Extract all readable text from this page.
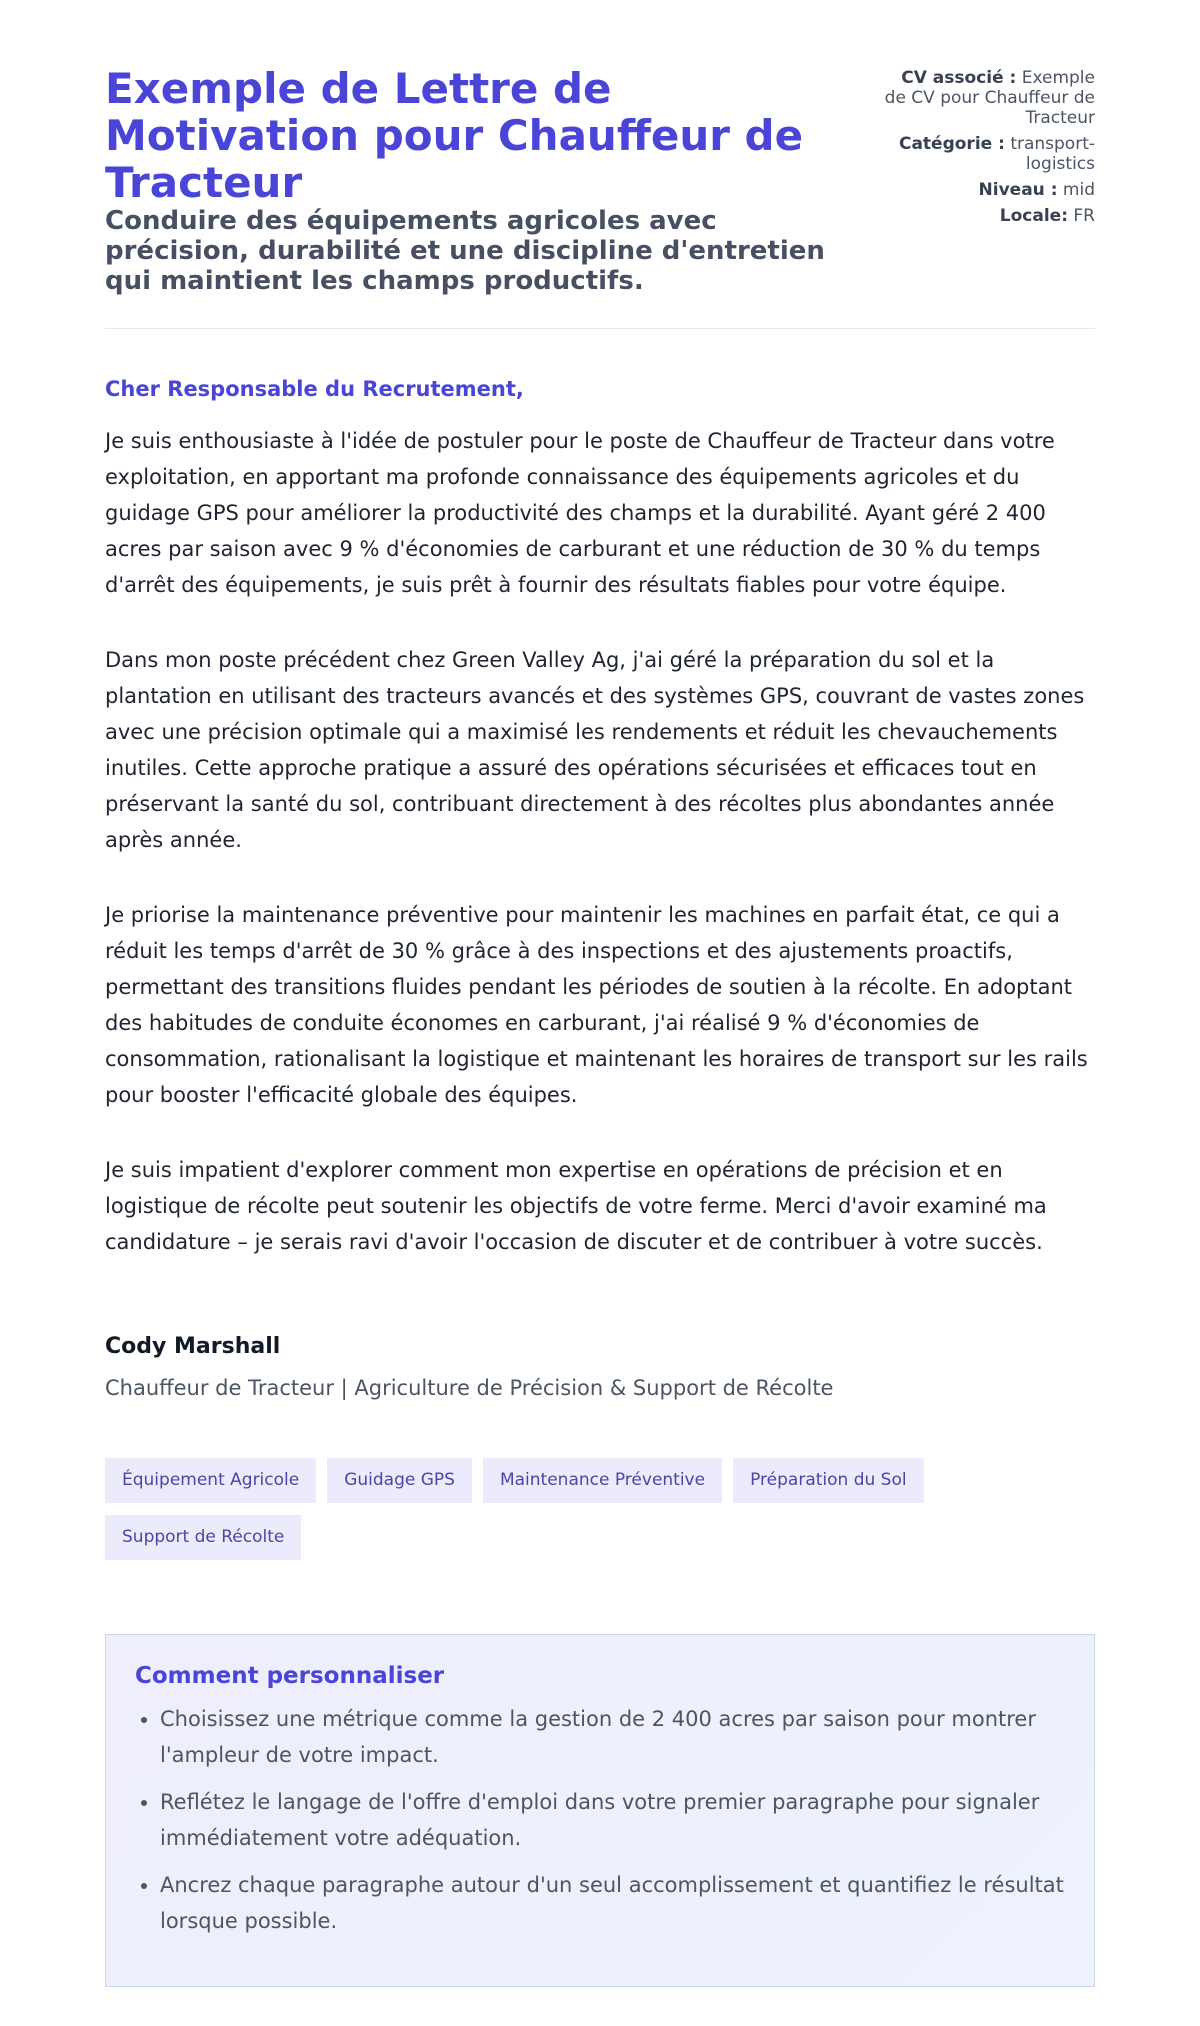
Exemple de Lettre de Motivation pour Chauffeur de Tracteur
Conduire des équipements agricoles avec précision, durabilité et une discipline d'entretien qui maintient les champs productifs.
CV associé : Exemple de CV pour Chauffeur de Tracteur
Catégorie : transport-logistics
Niveau : mid
Locale: FR

Cher Responsable du Recrutement,

Je suis enthousiaste à l'idée de postuler pour le poste de Chauffeur de Tracteur dans votre exploitation, en apportant ma profonde connaissance des équipements agricoles et du guidage GPS pour améliorer la productivité des champs et la durabilité. Ayant géré 2 400 acres par saison avec 9 % d'économies de carburant et une réduction de 30 % du temps d'arrêt des équipements, je suis prêt à fournir des résultats fiables pour votre équipe.

Dans mon poste précédent chez Green Valley Ag, j'ai géré la préparation du sol et la plantation en utilisant des tracteurs avancés et des systèmes GPS, couvrant de vastes zones avec une précision optimale qui a maximisé les rendements et réduit les chevauchements inutiles. Cette approche pratique a assuré des opérations sécurisées et efficaces tout en préservant la santé du sol, contribuant directement à des récoltes plus abondantes année après année.

Je priorise la maintenance préventive pour maintenir les machines en parfait état, ce qui a réduit les temps d'arrêt de 30 % grâce à des inspections et des ajustements proactifs, permettant des transitions fluides pendant les périodes de soutien à la récolte. En adoptant des habitudes de conduite économes en carburant, j'ai réalisé 9 % d'économies de consommation, rationalisant la logistique et maintenant les horaires de transport sur les rails pour booster l'efficacité globale des équipes.

Je suis impatient d'explorer comment mon expertise en opérations de précision et en logistique de récolte peut soutenir les objectifs de votre ferme. Merci d'avoir examiné ma candidature – je serais ravi d'avoir l'occasion de discuter et de contribuer à votre succès.

Cody Marshall

Chauffeur de Tracteur | Agriculture de Précision & Support de Récolte

Équipement Agricole	Guidage GPS	Maintenance Préventive	Préparation du Sol
Support de Récolte
Comment personnaliser
• Choisissez une métrique comme la gestion de 2 400 acres par saison pour montrer l'ampleur de votre impact.
• Reflétez le langage de l'offre d'emploi dans votre premier paragraphe pour signaler immédiatement votre adéquation.
• Ancrez chaque paragraphe autour d'un seul accomplissement et quantifiez le résultat lorsque possible.
